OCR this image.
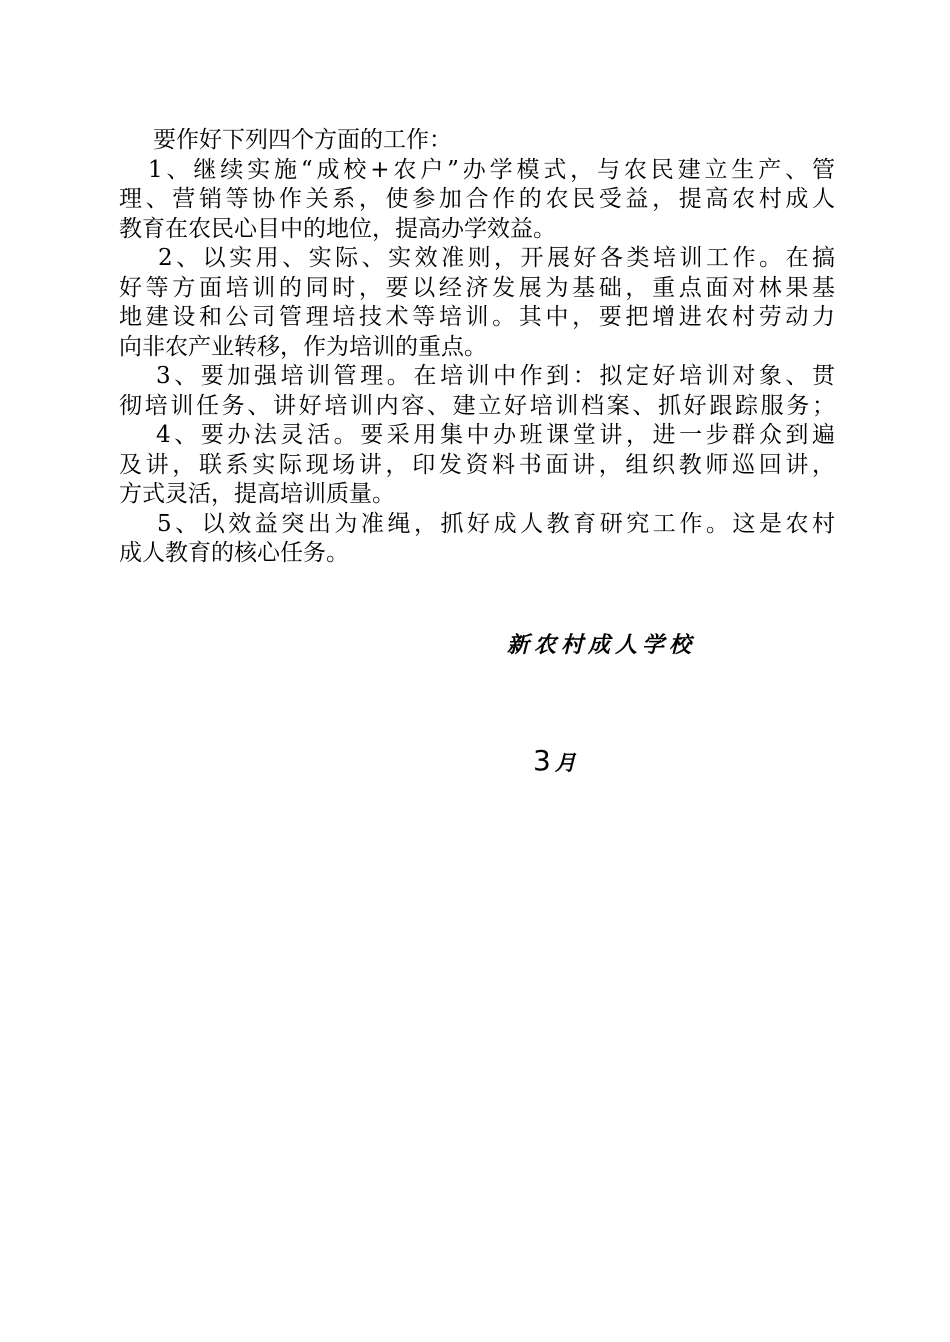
要作好下列四个方面的工作：
1、继续实施“成校+农户”办学模式，与农民建立生产、管
理、营销等协作关系，使参加合作的农民受益，提高农村成人
教育在农民心目中的地位，提高办学效益。
2、以实用、实际、实效准则，开展好各类培训工作。在搞
好等方面培训的同时，要以经济发展为基础，重点面对林果基
地建设和公司管理培技术等培训。其中，要把增进农村劳动力
向非农产业转移，作为培训的重点。
3、要加强培训管理。在培训中作到：拟定好培训对象、贯
彻培训任务、讲好培训内容、建立好培训档案、抓好跟踪服务；
4、要办法灵活。要采用集中办班课堂讲，进一步群众到遍
及讲，联系实际现场讲，印发资料书面讲，组织教师巡回讲，
方式灵活，提高培训质量。
5、以效益突出为准绳，抓好成人教育研究工作。这是农村
成人教育的核心任务。
新农村成人学校
3 月
